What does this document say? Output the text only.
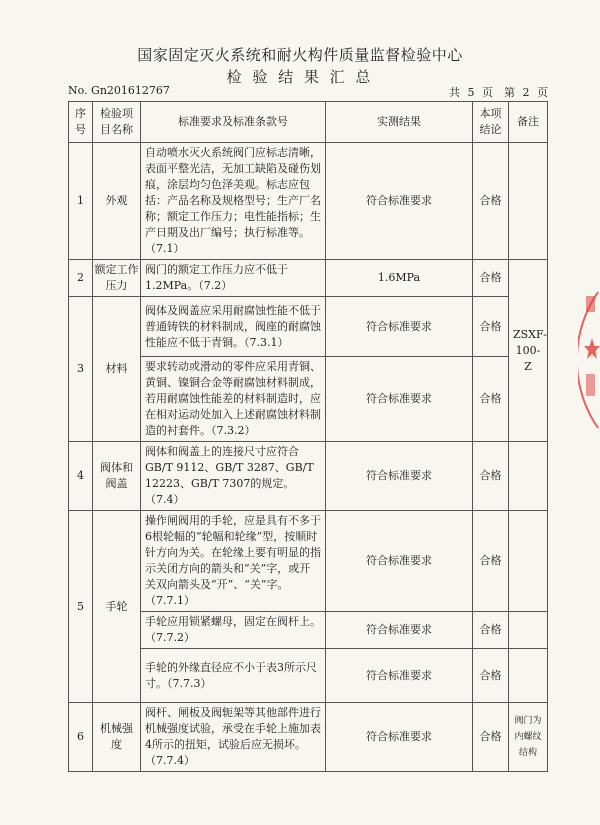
国家固定灭火系统和耐火构件质量监督检验中心
检 验 结 果 汇 总
No. Gn201612767	共 5 页　第 2 页
序号	检验项目名称	标准要求及标准条款号	实测结果	本项结论	备注
1	外观	自动喷水灭火系统阀门应标志清晰，表面平整光洁，无加工缺陷及碰伤划痕，涂层均匀色泽美观。标志应包括：产品名称及规格型号；生产厂名称；额定工作压力；电性能指标；生产日期及出厂编号；执行标准等。（7.1）	符合标准要求	合格	
2	额定工作压力	阀门的额定工作压力应不低于1.2MPa。（7.2）	1.6MPa	合格	ZSXF-100-Z
3	材料	阀体及阀盖应采用耐腐蚀性能不低于普通铸铁的材料制成，阀座的耐腐蚀性能应不低于青铜。（7.3.1）	符合标准要求	合格	
		要求转动或滑动的零件应采用青铜、黄铜、镍铜合金等耐腐蚀材料制成，若用耐腐蚀性能差的材料制造时，应在相对运动处加入上述耐腐蚀材料制造的衬套件。（7.3.2）	符合标准要求	合格	
4	阀体和阀盖	阀体和阀盖上的连接尺寸应符合GB/T 9112、GB/T 3287、GB/T 12223、GB/T 7307的规定。（7.4）	符合标准要求	合格	
5	手轮	操作闸阀用的手轮，应是具有不多于6根轮幅的“轮幅和轮缘”型，按顺时针方向为关。在轮缘上要有明显的指示关闭方向的箭头和“关”字，或开关双向箭头及“开”、“关”字。（7.7.1）	符合标准要求	合格	
		手轮应用锁紧螺母，固定在阀杆上。（7.7.2）	符合标准要求	合格	
		手轮的外缘直径应不小于表3所示尺寸。（7.7.3）	符合标准要求	合格	
6	机械强度	阀杆、闸板及阀轭架等其他部件进行机械强度试验，承受在手轮上施加表4所示的扭矩，试验后应无损坏。（7.7.4）	符合标准要求	合格	阀门为内螺纹结构
